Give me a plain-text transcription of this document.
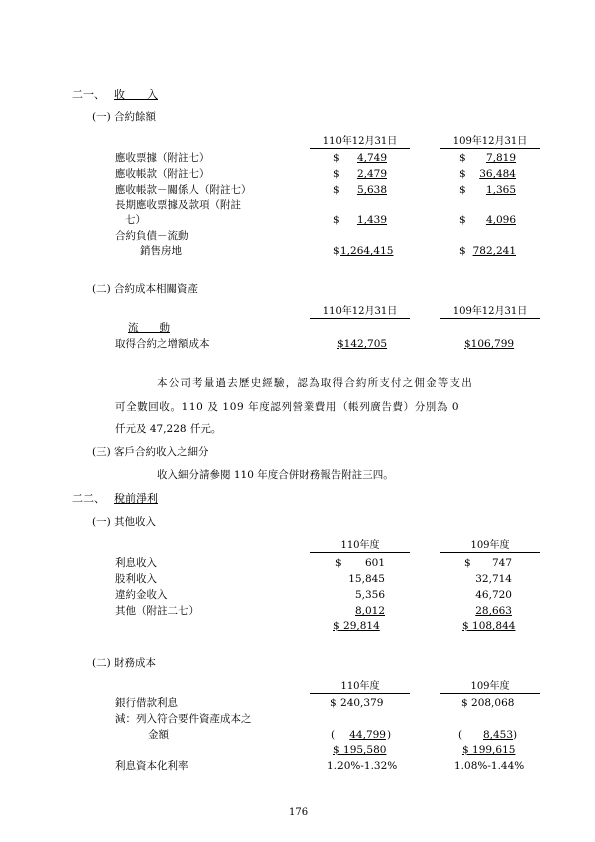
二一、 收　　入
(一) 合約餘額
110年12月31日	109年12月31日
應收票據（附註七）	$	4,749	$	7,819
應收帳款（附註七）	$	2,479	$	36,484
應收帳款－關係人（附註七）	$	5,638	$	1,365
長期應收票據及款項（附註
七）	$	1,439	$	4,096
合約負債－流動
銷售房地	$ 1,264,415	$ 782,241
(二) 合約成本相關資產
110年12月31日	109年12月31日
流　　動
取得合約之增額成本	$142,705	$106,799
本公司考量過去歷史經驗，認為取得合約所支付之佣金等支出
可全數回收。110 及 109 年度認列營業費用（帳列廣告費）分別為 0
仟元及 47,228 仟元。
(三) 客戶合約收入之細分
收入細分請參閱 110 年度合併財務報告附註三四。
二二、 稅前淨利
(一) 其他收入
110年度	109年度
利息收入	$	601	$	747
股利收入	15,845	32,714
違約金收入	5,356	46,720
其他（附註二七）	8,012	28,663
$ 29,814	$ 108,844
(二) 財務成本
110年度	109年度
銀行借款利息	$ 240,379	$ 208,068
減：列入符合要件資產成本之
金額	(	44,799 )	(	8,453 )
$ 195,580	$ 199,615
利息資本化利率	1.20%-1.32%	1.08%-1.44%
176
